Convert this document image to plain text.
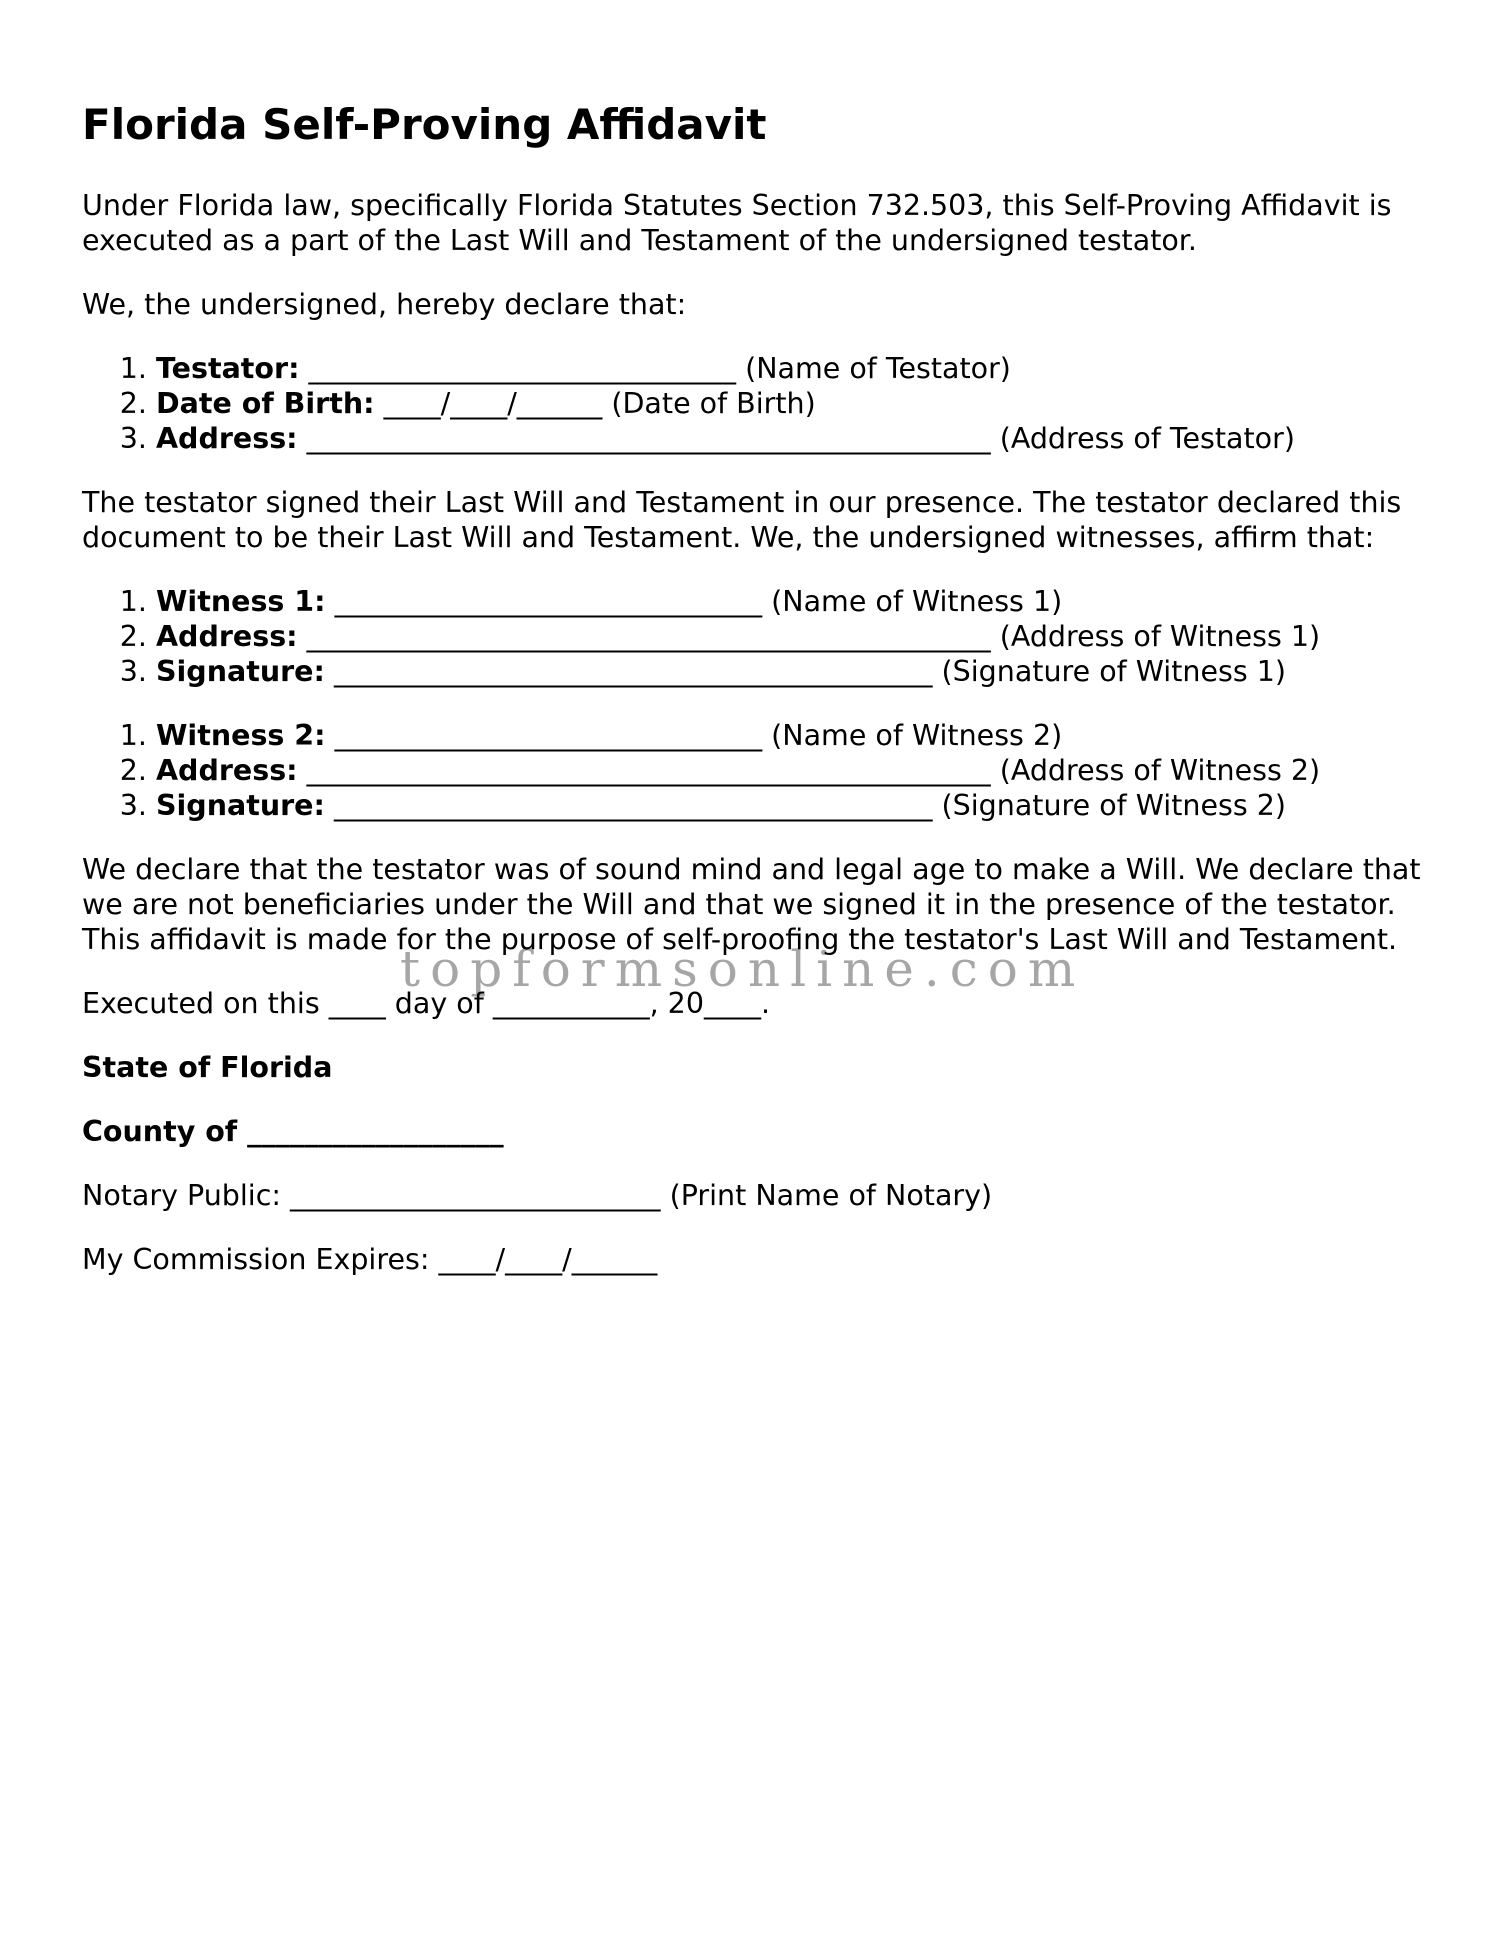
Florida Self-Proving Affidavit

Under Florida law, specifically Florida Statutes Section 732.503, this Self-Proving Affidavit is executed as a part of the Last Will and Testament of the undersigned testator.

We, the undersigned, hereby declare that:

1. Testator: ______________________________ (Name of Testator)
2. Date of Birth: ____/____/______ (Date of Birth)
3. Address: ________________________________________________ (Address of Testator)

The testator signed their Last Will and Testament in our presence. The testator declared this document to be their Last Will and Testament. We, the undersigned witnesses, affirm that:

1. Witness 1: ______________________________ (Name of Witness 1)
2. Address: ________________________________________________ (Address of Witness 1)
3. Signature: __________________________________________ (Signature of Witness 1)
1. Witness 2: ______________________________ (Name of Witness 2)
2. Address: ________________________________________________ (Address of Witness 2)
3. Signature: __________________________________________ (Signature of Witness 2)

We declare that the testator was of sound mind and legal age to make a Will. We declare that we are not beneficiaries under the Will and that we signed it in the presence of the testator. This affidavit is made for the purpose of self-proofing the testator's Last Will and Testament.

Executed on this ____ day of ___________, 20____.

State of Florida

County of __________________

Notary Public: __________________________ (Print Name of Notary)

My Commission Expires: ____/____/______

topformsonline.com
